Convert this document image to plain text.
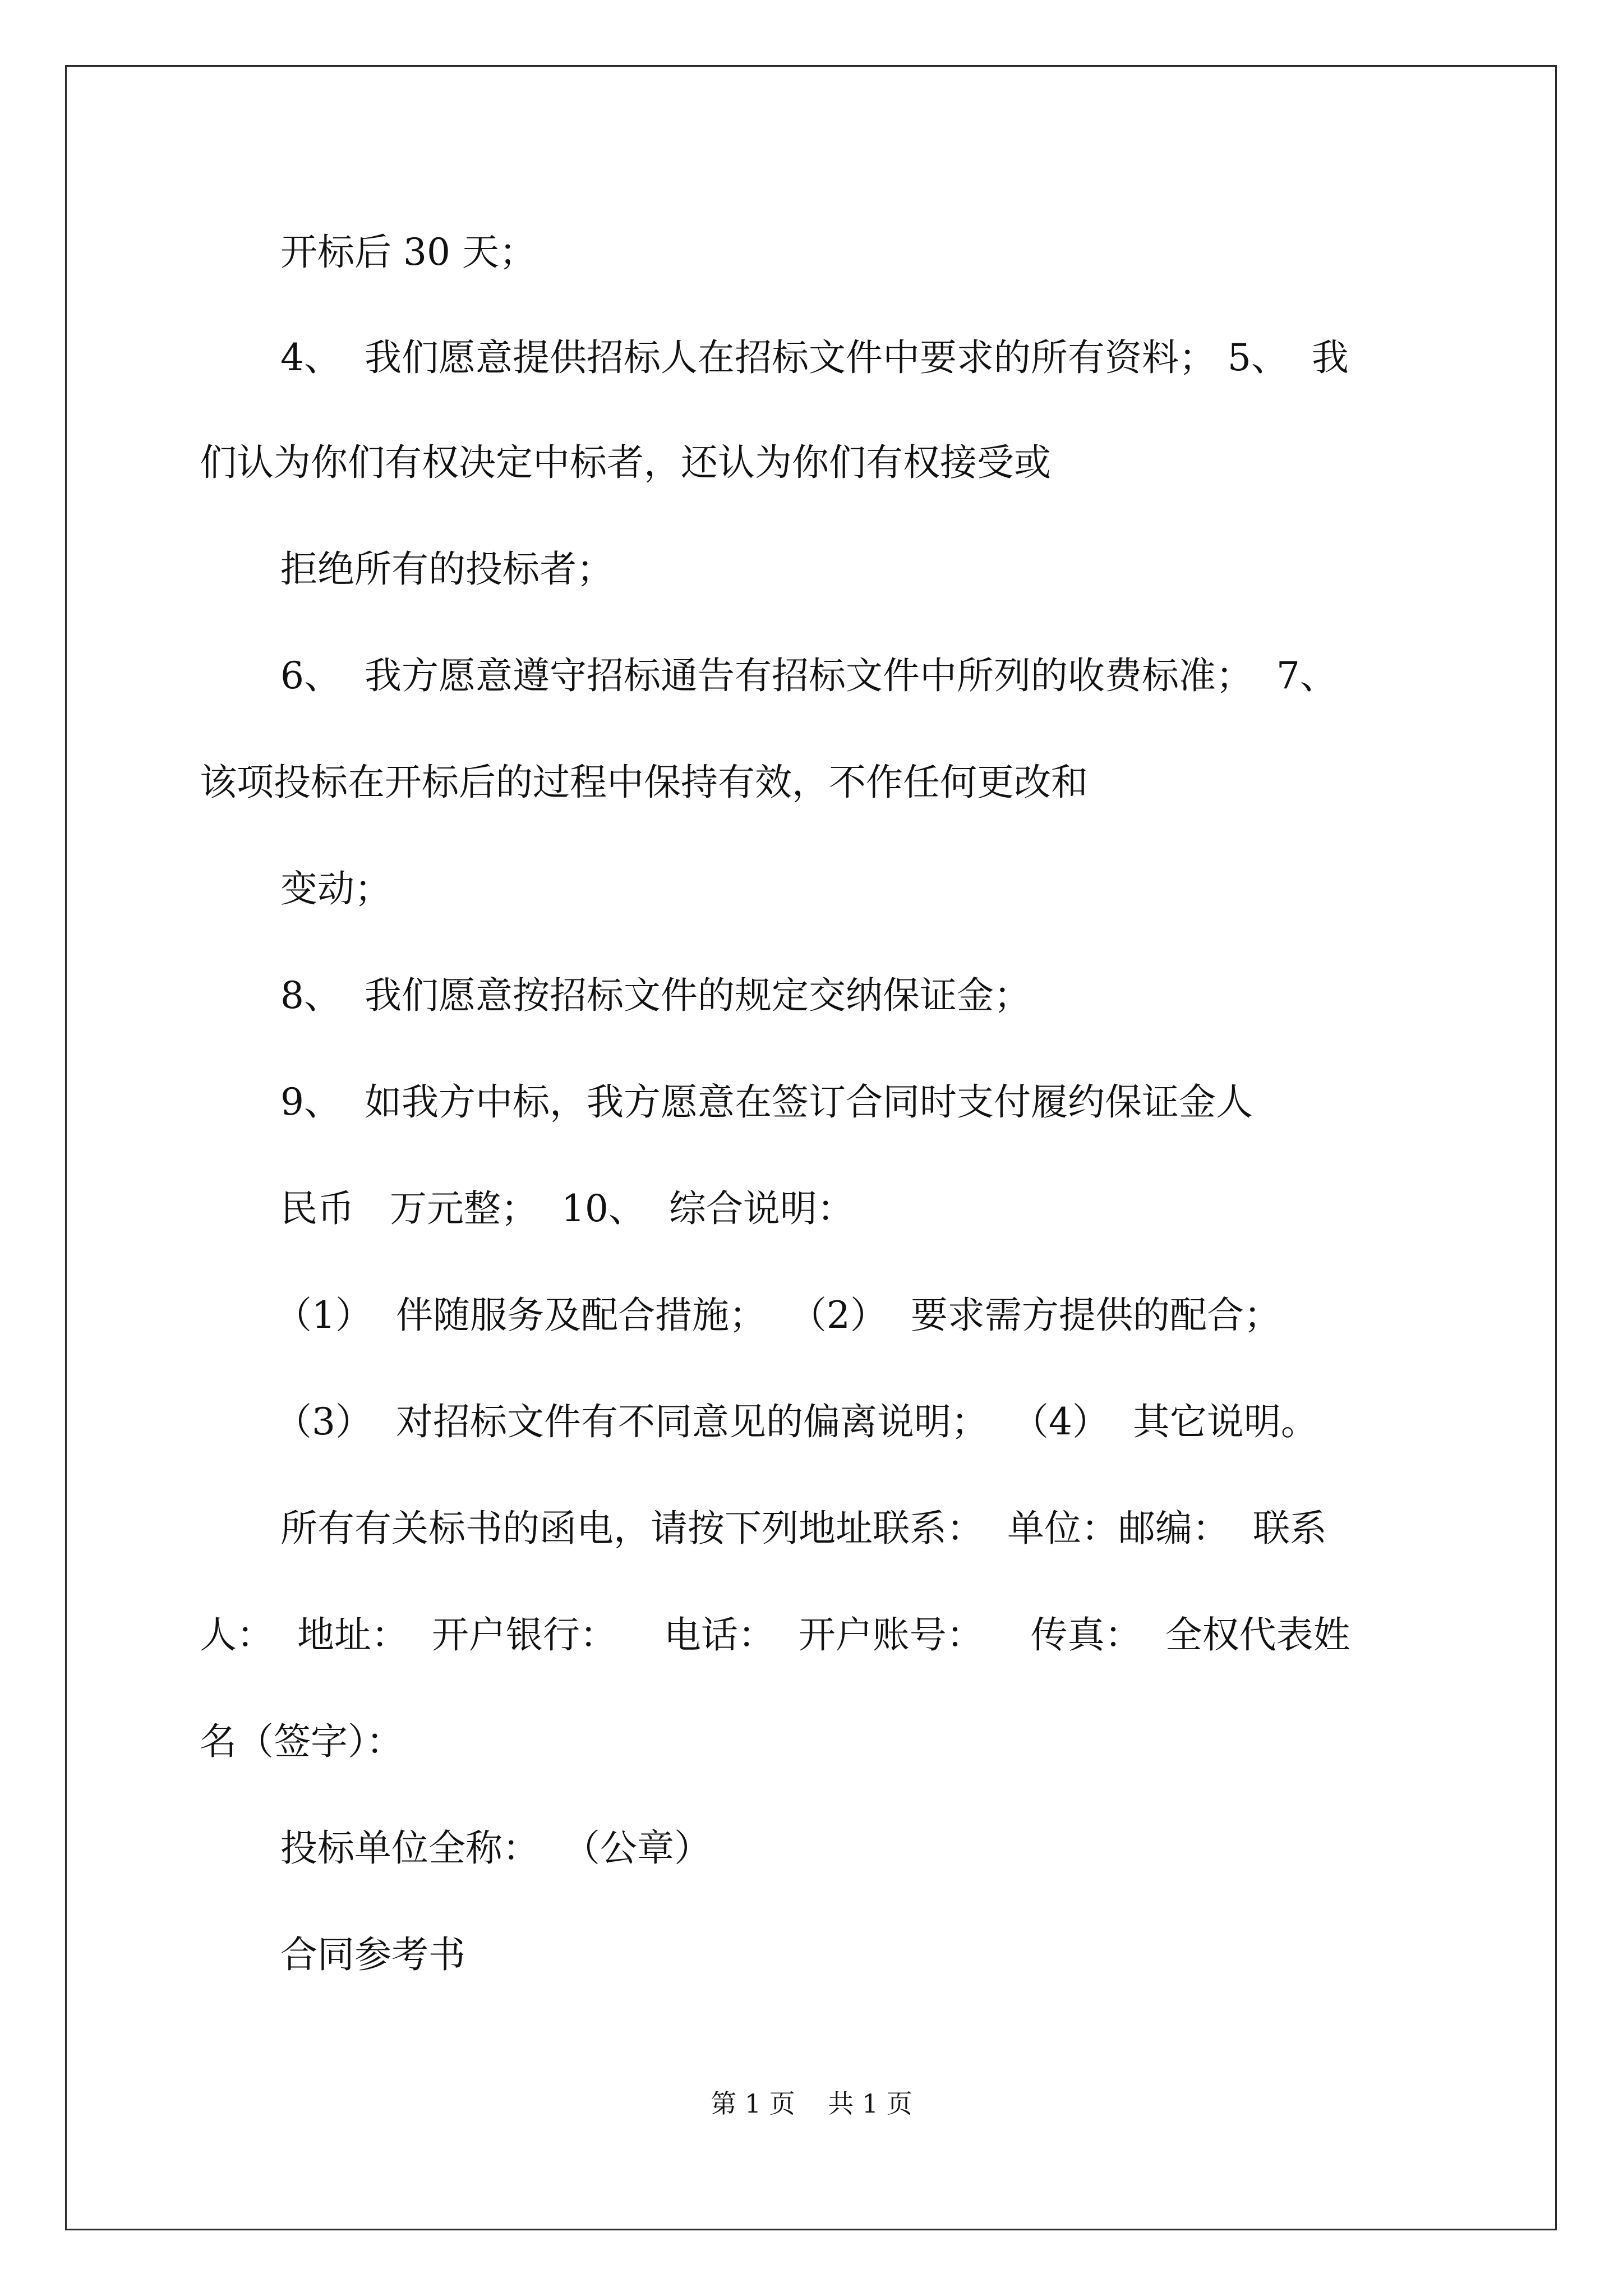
开标后 30 天；

4、  我们愿意提供招标人在招标文件中要求的所有资料； 5、  我

们认为你们有权决定中标者，还认为你们有权接受或

拒绝所有的投标者；

6、  我方愿意遵守招标通告有招标文件中所列的收费标准；  7、

该项投标在开标后的过程中保持有效，不作任何更改和

变动；

8、  我们愿意按招标文件的规定交纳保证金；

9、  如我方中标，我方愿意在签订合同时支付履约保证金人

民币   万元整；  10、  综合说明：

（1）  伴随服务及配合措施；  （2）  要求需方提供的配合；

（3）  对招标文件有不同意见的偏离说明；  （4）  其它说明。

所有有关标书的函电，请按下列地址联系：  单位：邮编：  联系

人：  地址：  开户银行：    电话：  开户账号：    传真：  全权代表姓

名（签字）：

投标单位全称：  （公章）

合同参考书

第 1 页    共 1 页
